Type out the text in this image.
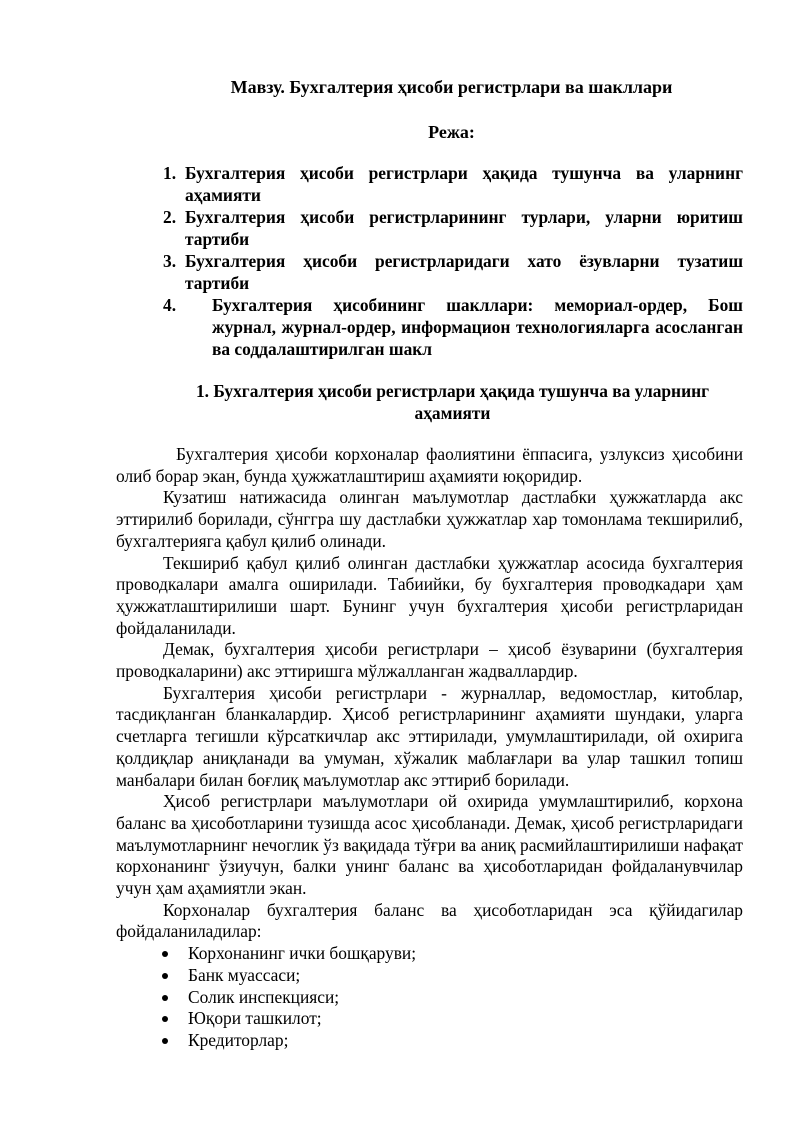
Мавзу. Бухгалтерия ҳисоби регистрлари ва шакллари
Режа:
1. Бухгалтерия ҳисоби регистрлари ҳақида тушунча ва уларнинг аҳамияти
2. Бухгалтерия ҳисоби регистрларининг турлари, уларни юритиш тартиби
3. Бухгалтерия ҳисоби регистрларидаги хато ёзувларни тузатиш тартиби
4. Бухгалтерия ҳисобининг шакллари: мемориал-ордер, Бош журнал, журнал-ордер, информацион технологияларга асосланган ва соддалаштирилган шакл
1. Бухгалтерия ҳисоби регистрлари ҳақида тушунча ва уларнинг аҳамияти

Бухгалтерия ҳисоби корхоналар фаолиятини ёппасига, узлуксиз ҳисобини олиб борар экан, бунда ҳужжатлаштириш аҳамияти юқоридир.

Кузатиш натижасида олинган маълумотлар дастлабки ҳужжатларда акс эттирилиб борилади, сўнггра шу дастлабки ҳужжатлар хар томонлама текширилиб, бухгалтерияга қабул қилиб олинади.

Текшириб қабул қилиб олинган дастлабки ҳужжатлар асосида бухгалтерия проводкалари амалга оширилади. Табиийки, бу бухгалтерия проводкадари ҳам ҳужжатлаштирилиши шарт. Бунинг учун бухгалтерия ҳисоби регистрларидан фойдаланилади.

Демак, бухгалтерия ҳисоби регистрлари – ҳисоб ёзуварини (бухгалтерия проводкаларини) акс эттиришга мўлжалланган жадваллардир.

Бухгалтерия ҳисоби регистрлари - журналлар, ведомостлар, китоблар, тасдиқланган бланкалардир. Ҳисоб регистрларининг аҳамияти шундаки, уларга счетларга тегишли кўрсаткичлар акс эттирилади, умумлаштирилади, ой охирига қолдиқлар аниқланади ва умуман, хўжалик маблағлари ва улар ташкил топиш манбалари билан боғлиқ маълумотлар акс эттириб борилади.

Ҳисоб регистрлари маълумотлари ой охирида умумлаштирилиб, корхона баланс ва ҳисоботларини тузишда асос ҳисобланади. Демак, ҳисоб регистрларидаги маълумотларнинг нечоглик ўз вақидада тўғри ва аниқ расмийлаштирилиши нафақат корхонанинг ўзиучун, балки унинг баланс ва ҳисоботларидан фойдаланувчилар учун ҳам аҳамиятли экан.

Корхоналар бухгалтерия баланс ва ҳисоботларидан эса қўйидагилар фойдаланиладилар:

Корхонанинг ички бошқаруви;
Банк муассаси;
Солик инспекцияси;
Юқори ташкилот;
Кредиторлар;
